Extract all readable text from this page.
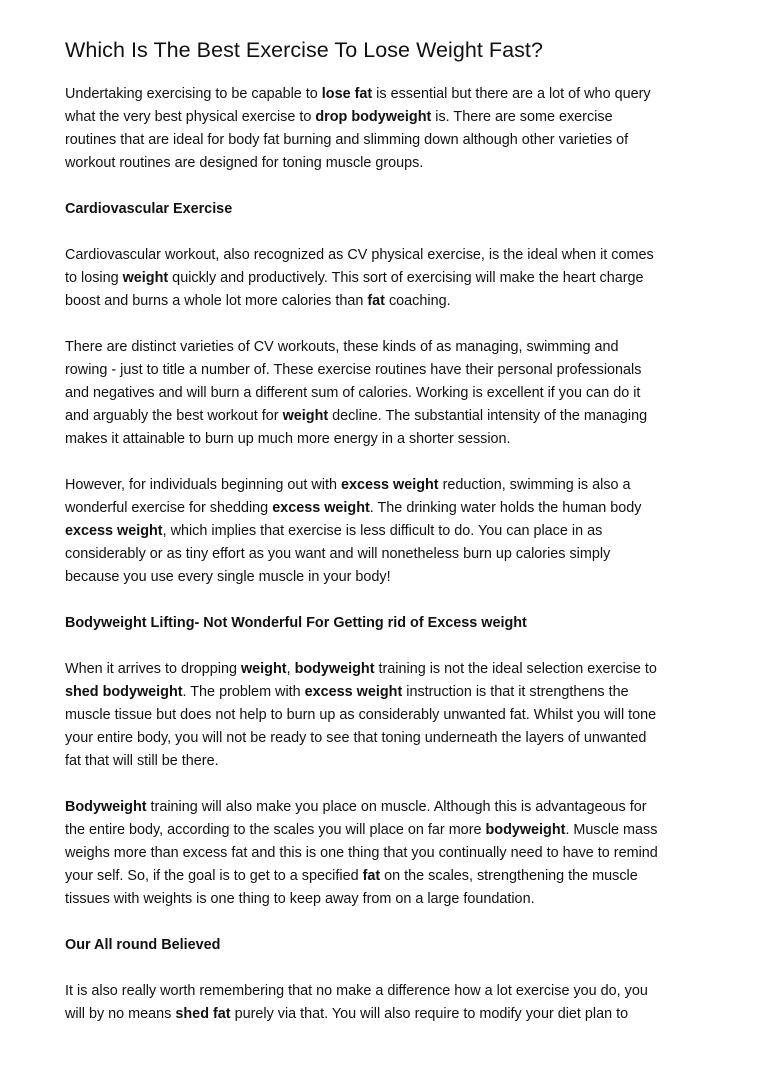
Which Is The Best Exercise To Lose Weight Fast?
Undertaking exercising to be capable to lose fat is essential but there are a lot of who query
what the very best physical exercise to drop bodyweight is. There are some exercise
routines that are ideal for body fat burning and slimming down although other varieties of
workout routines are designed for toning muscle groups.
Cardiovascular Exercise
Cardiovascular workout, also recognized as CV physical exercise, is the ideal when it comes
to losing weight quickly and productively. This sort of exercising will make the heart charge
boost and burns a whole lot more calories than fat coaching.
There are distinct varieties of CV workouts, these kinds of as managing, swimming and
rowing - just to title a number of. These exercise routines have their personal professionals
and negatives and will burn a different sum of calories. Working is excellent if you can do it
and arguably the best workout for weight decline. The substantial intensity of the managing
makes it attainable to burn up much more energy in a shorter session.
However, for individuals beginning out with excess weight reduction, swimming is also a
wonderful exercise for shedding excess weight. The drinking water holds the human body
excess weight, which implies that exercise is less difficult to do. You can place in as
considerably or as tiny effort as you want and will nonetheless burn up calories simply
because you use every single muscle in your body!
Bodyweight Lifting- Not Wonderful For Getting rid of Excess weight
When it arrives to dropping weight, bodyweight training is not the ideal selection exercise to
shed bodyweight. The problem with excess weight instruction is that it strengthens the
muscle tissue but does not help to burn up as considerably unwanted fat. Whilst you will tone
your entire body, you will not be ready to see that toning underneath the layers of unwanted
fat that will still be there.
Bodyweight training will also make you place on muscle. Although this is advantageous for
the entire body, according to the scales you will place on far more bodyweight. Muscle mass
weighs more than excess fat and this is one thing that you continually need to have to remind
your self. So, if the goal is to get to a specified fat on the scales, strengthening the muscle
tissues with weights is one thing to keep away from on a large foundation.
Our All round Believed
It is also really worth remembering that no make a difference how a lot exercise you do, you
will by no means shed fat purely via that. You will also require to modify your diet plan to
